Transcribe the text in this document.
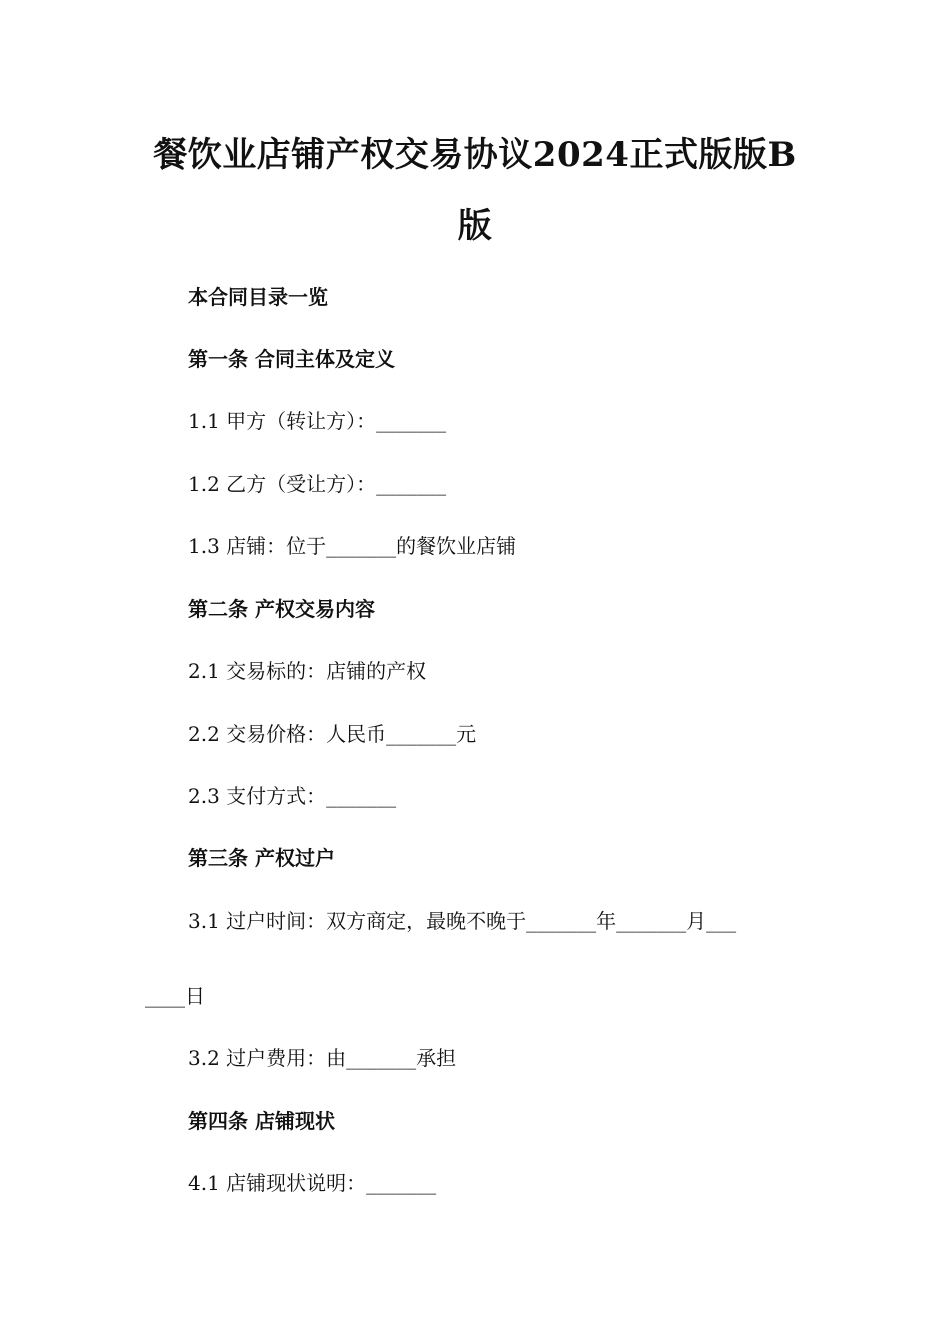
餐饮业店铺产权交易协议2024正式版版B
版
本合同目录一览
第一条 合同主体及定义
1.1 甲方（转让方）：_______
1.2 乙方（受让方）：_______
1.3 店铺：位于_______的餐饮业店铺
第二条 产权交易内容
2.1 交易标的：店铺的产权
2.2 交易价格：人民币_______元
2.3 支付方式：_______
第三条 产权过户
3.1 过户时间：双方商定，最晚不晚于_______年_______月___
____日
3.2 过户费用：由_______承担
第四条 店铺现状
4.1 店铺现状说明：_______
